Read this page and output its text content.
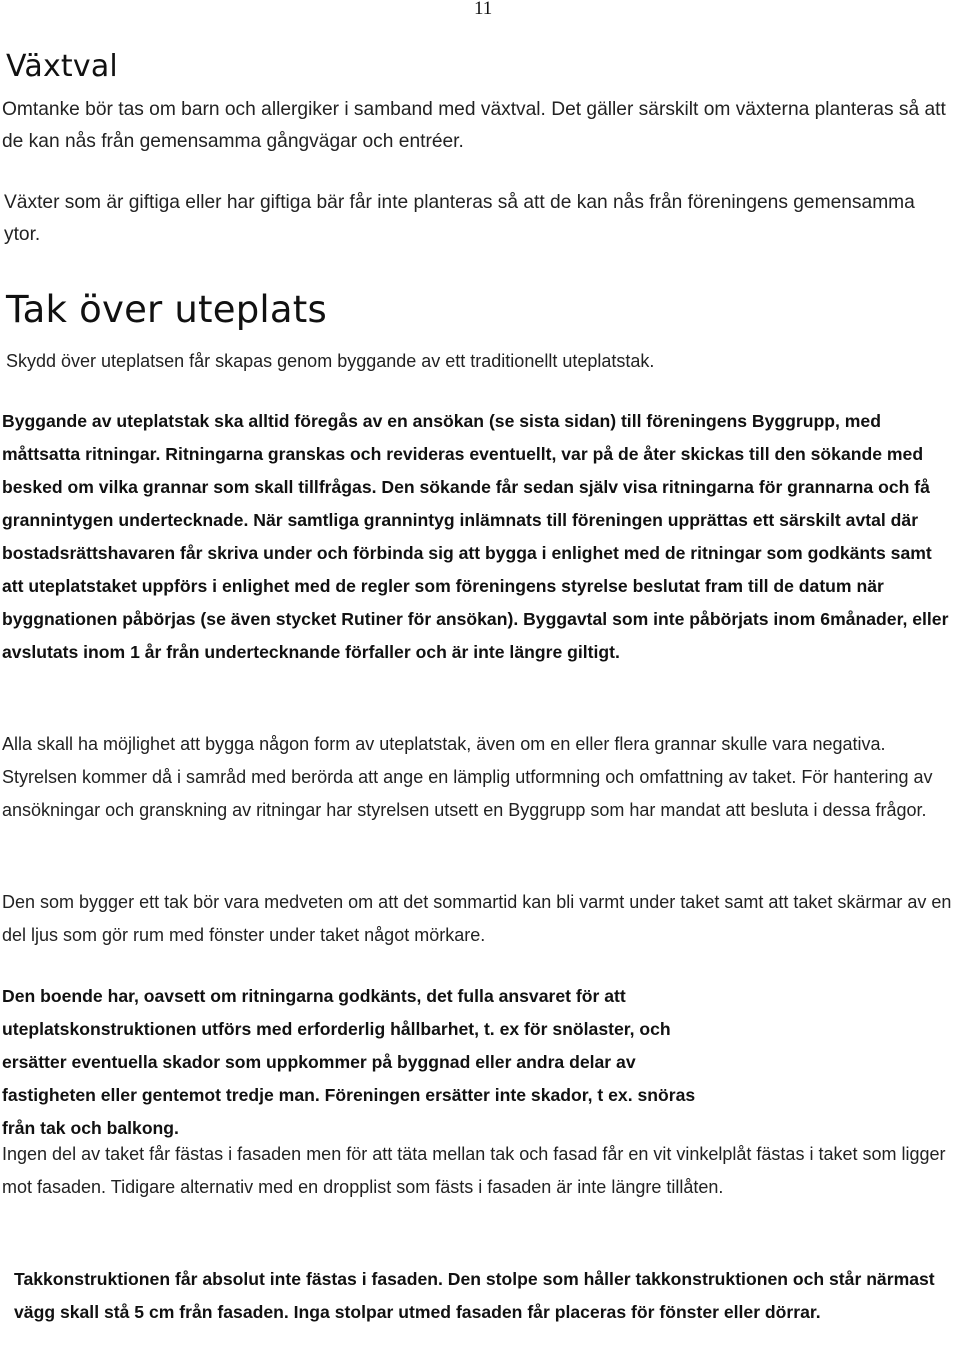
11
Växtval

Omtanke bör tas om barn och allergiker i samband med växtval. Det gäller särskilt om växterna planteras så att de kan nås från gemensamma gångvägar och entréer.

Växter som är giftiga eller har giftiga bär får inte planteras så att de kan nås från föreningens gemensamma ytor.

Tak över uteplats

Skydd över uteplatsen får skapas genom byggande av ett traditionellt uteplatstak.

Byggande av uteplatstak ska alltid föregås av en ansökan (se sista sidan) till föreningens Byggrupp, med måttsatta ritningar. Ritningarna granskas och revideras eventuellt, var på de åter skickas till den sökande med besked om vilka grannar som skall tillfrågas. Den sökande får sedan själv visa ritningarna för grannarna och få grannintygen undertecknade. När samtliga grannintyg inlämnats till föreningen upprättas ett särskilt avtal där bostadsrättshavaren får skriva under och förbinda sig att bygga i enlighet med de ritningar som godkänts samt att uteplatstaket uppförs i enlighet med de regler som föreningens styrelse beslutat fram till de datum när byggnationen påbörjas (se även stycket Rutiner för ansökan). Byggavtal som inte påbörjats inom 6månader, eller avslutats inom 1 år från undertecknande förfaller och är inte längre giltigt.

Alla skall ha möjlighet att bygga någon form av uteplatstak, även om en eller flera grannar skulle vara negativa. Styrelsen kommer då i samråd med berörda att ange en lämplig utformning och omfattning av taket. För hantering av ansökningar och granskning av ritningar har styrelsen utsett en Byggrupp som har mandat att besluta i dessa frågor.

Den som bygger ett tak bör vara medveten om att det sommartid kan bli varmt under taket samt att taket skärmar av en del ljus som gör rum med fönster under taket något mörkare.

Den boende har, oavsett om ritningarna godkänts, det fulla ansvaret för att uteplatskonstruktionen utförs med erforderlig hållbarhet, t. ex för snölaster, och ersätter eventuella skador som uppkommer på byggnad eller andra delar av fastigheten eller gentemot tredje man. Föreningen ersätter inte skador, t ex. snöras från tak och balkong.

Ingen del av taket får fästas i fasaden men för att täta mellan tak och fasad får en vit vinkelplåt fästas i taket som ligger mot fasaden. Tidigare alternativ med en dropplist som fästs i fasaden är inte längre tillåten.

Takkonstruktionen får absolut inte fästas i fasaden. Den stolpe som håller takkonstruktionen och står närmast vägg skall stå 5 cm från fasaden. Inga stolpar utmed fasaden får placeras för fönster eller dörrar.
